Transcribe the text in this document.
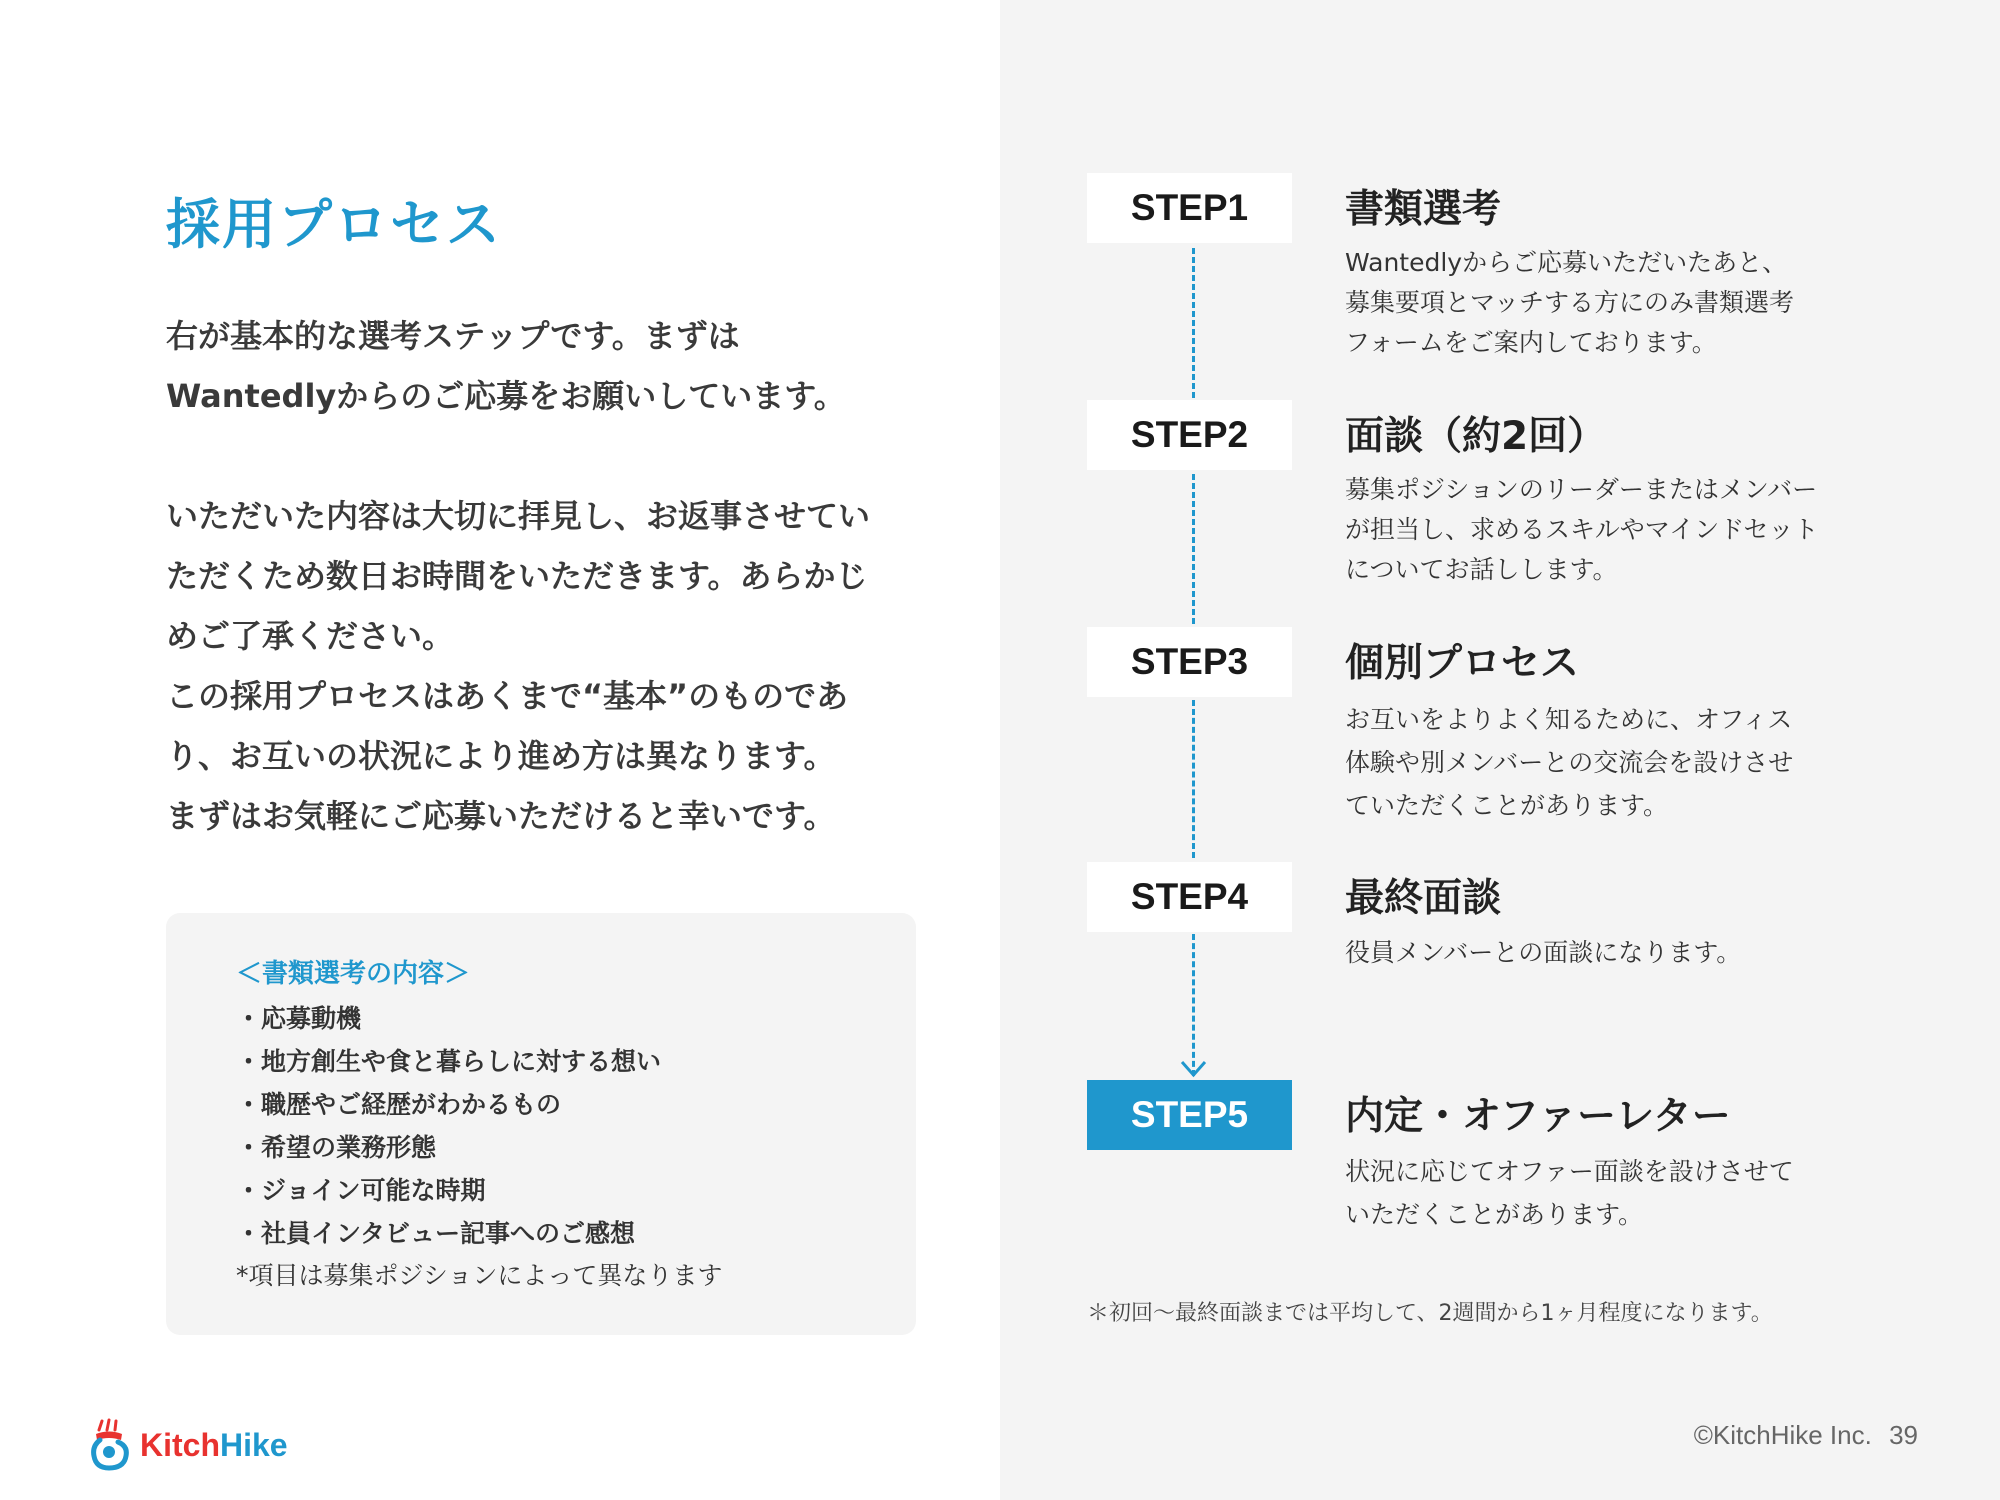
採用プロセス

右が基本的な選考ステップです。まずは

Wantedlyからのご応募をお願いしています。

いただいた内容は大切に拝見し、お返事させてい

ただくため数日お時間をいただきます。あらかじ

めご了承ください。

この採用プロセスはあくまで“基本”のものであ

り、お互いの状況により進め方は異なります。

まずはお気軽にご応募いただけると幸いです。

＜書類選考の内容＞
・応募動機
・地方創生や食と暮らしに対する想い
・職歴やご経歴がわかるもの
・希望の業務形態
・ジョイン可能な時期
・社員インタビュー記事へのご感想
*項目は募集ポジションによって異なります
STEP1	書類選考

Wantedlyからご応募いただいたあと、

募集要項とマッチする方にのみ書類選考

フォームをご案内しております。

STEP2	面談（約2回）

募集ポジションのリーダーまたはメンバー

が担当し、求めるスキルやマインドセット

についてお話しします。

STEP3	個別プロセス

お互いをよりよく知るために、オフィス

体験や別メンバーとの交流会を設けさせ

ていただくことがあります。

STEP4	最終面談

役員メンバーとの面談になります。

STEP5	内定・オファーレター

状況に応じてオファー面談を設けさせて

いただくことがあります。

＊初回〜最終面談までは平均して、2週間から1ヶ月程度になります。
KitchHike	©KitchHike Inc. 39
